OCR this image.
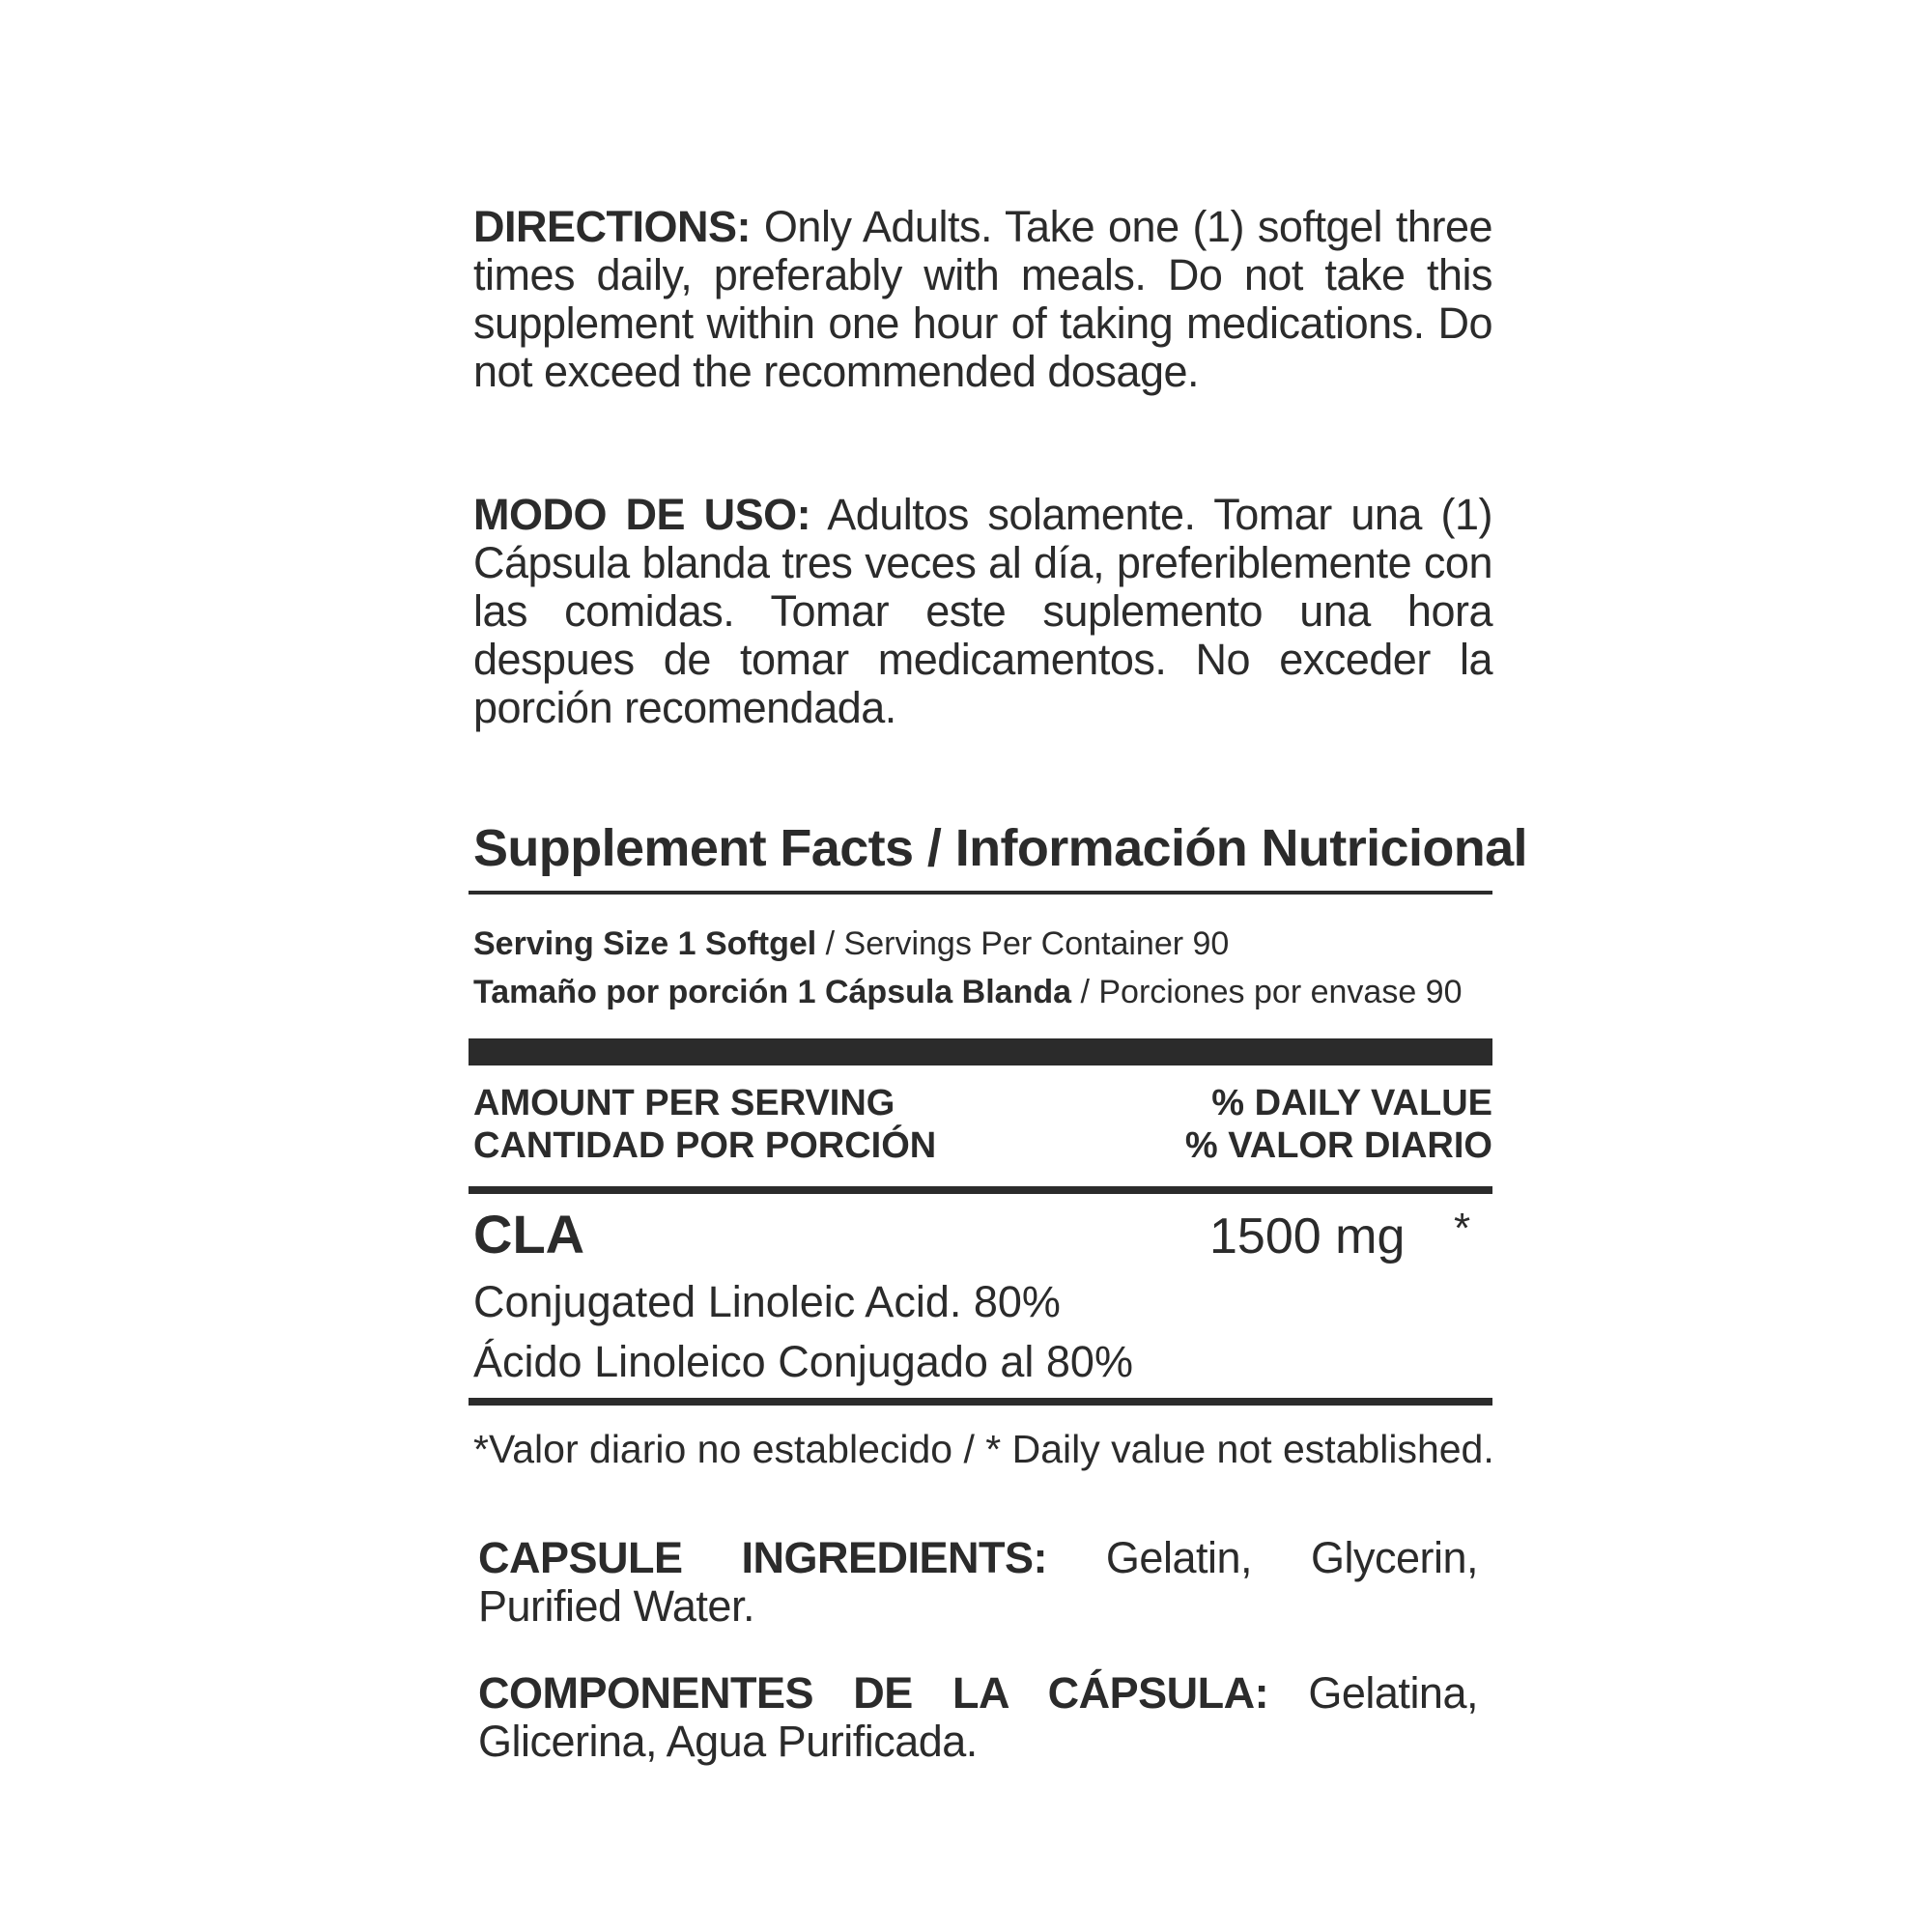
DIRECTIONS: Only Adults. Take one (1) softgel three times daily, preferably with meals. Do not take this supplement within one hour of taking medications. Do not exceed the recommended dosage.

MODO DE USO: Adultos solamente. Tomar una (1) Cápsula blanda tres veces al día, preferiblemente con las comidas. Tomar este suplemento una hora despues de tomar medicamentos. No exceder la porción recomendada.

Supplement Facts / Información Nutricional
Serving Size 1 Softgel / Servings Per Container 90
Tamaño por porción 1 Cápsula Blanda / Porciones por envase 90
AMOUNT PER SERVING	% DAILY VALUE
CANTIDAD POR PORCIÓN	% VALOR DIARIO
CLA	1500 mg *
Conjugated Linoleic Acid. 80%
Ácido Linoleico Conjugado al 80%
*Valor diario no establecido / * Daily value not established.

CAPSULE INGREDIENTS: Gelatin, Glycerin, Purified Water.

COMPONENTES DE LA CÁPSULA: Gelatina, Glicerina, Agua Purificada.
